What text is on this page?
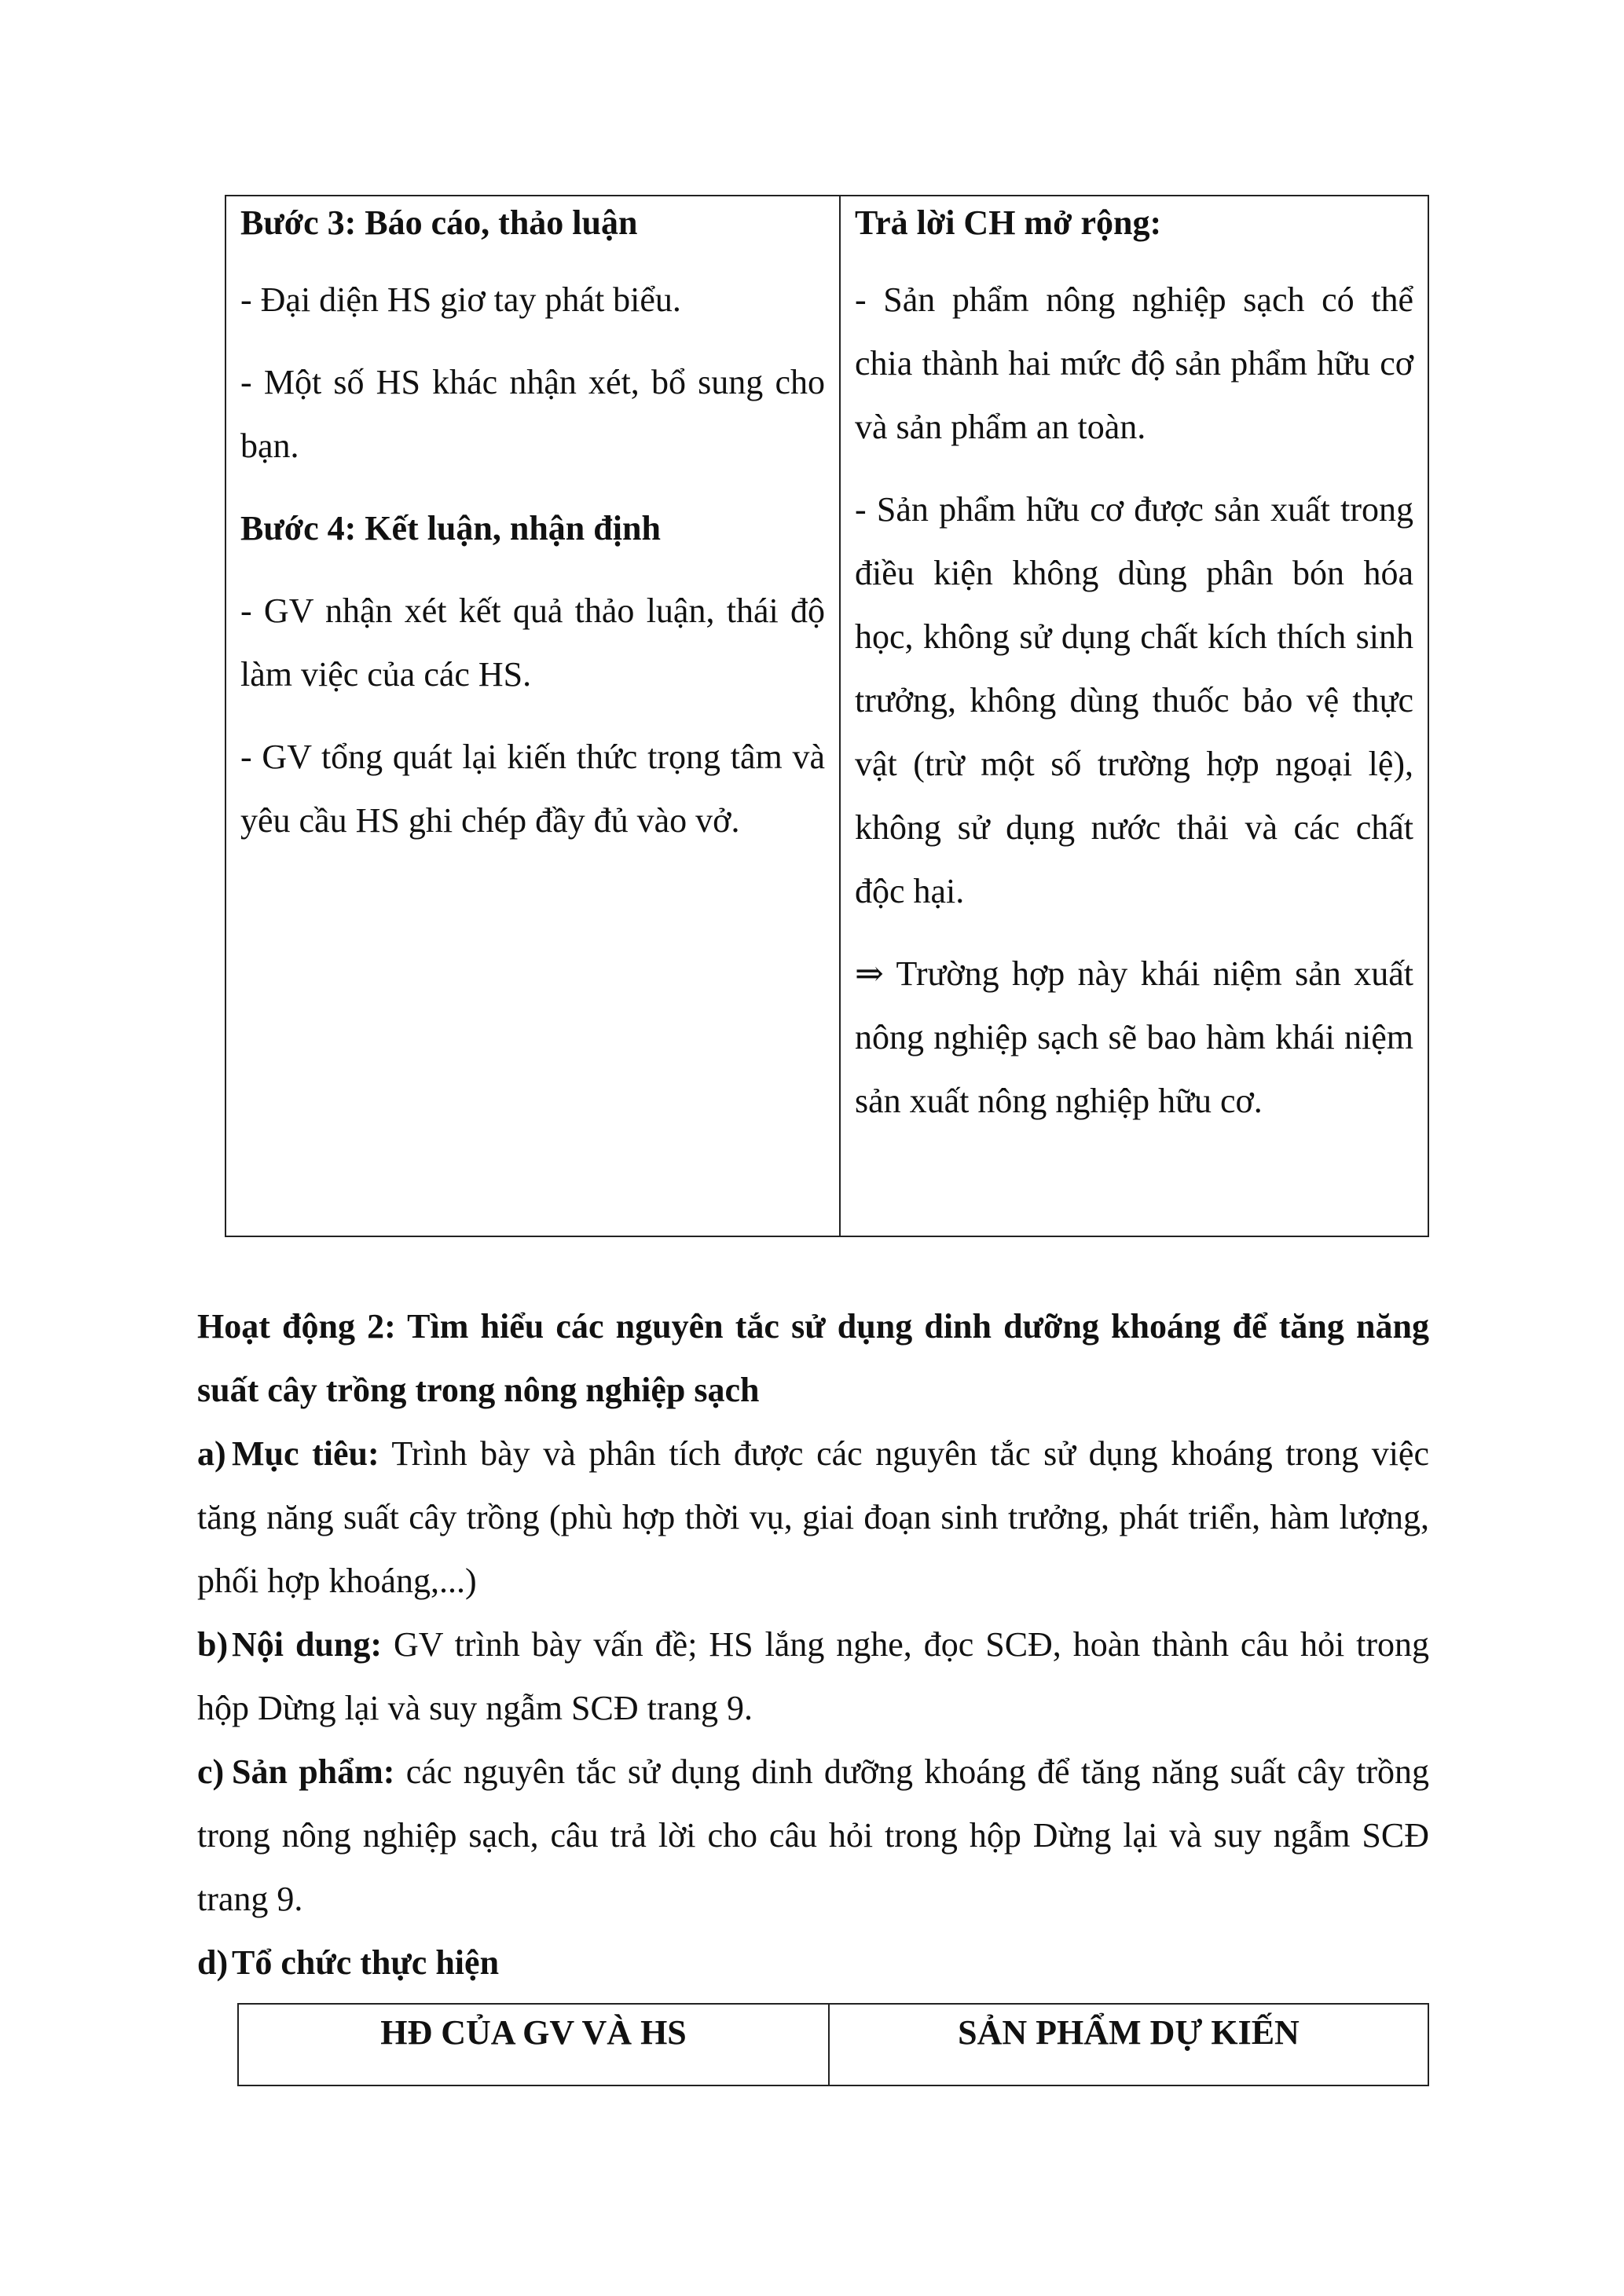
Bước 3: Báo cáo, thảo luận

- Đại diện HS giơ tay phát biểu.

- Một số HS khác nhận xét, bổ sung cho bạn.

Bước 4: Kết luận, nhận định

- GV nhận xét kết quả thảo luận, thái độ làm việc của các HS.

- GV tổng quát lại kiến thức trọng tâm và yêu cầu HS ghi chép đầy đủ vào vở.

Trả lời CH mở rộng:

- Sản phẩm nông nghiệp sạch có thể chia thành hai mức độ sản phẩm hữu cơ và sản phẩm an toàn.

- Sản phẩm hữu cơ được sản xuất trong điều kiện không dùng phân bón hóa học, không sử dụng chất kích thích sinh trưởng, không dùng thuốc bảo vệ thực vật (trừ một số trường hợp ngoại lệ), không sử dụng nước thải và các chất độc hại.

⇒ Trường hợp này khái niệm sản xuất nông nghiệp sạch sẽ bao hàm khái niệm sản xuất nông nghiệp hữu cơ.

Hoạt động 2: Tìm hiểu các nguyên tắc sử dụng dinh dưỡng khoáng để tăng năng suất cây trồng trong nông nghiệp sạch

a) Mục tiêu: Trình bày và phân tích được các nguyên tắc sử dụng khoáng trong việc tăng năng suất cây trồng (phù hợp thời vụ, giai đoạn sinh trưởng, phát triển, hàm lượng, phối hợp khoáng,...)

b) Nội dung: GV trình bày vấn đề; HS lắng nghe, đọc SCĐ, hoàn thành câu hỏi trong hộp Dừng lại và suy ngẫm SCĐ trang 9.

c) Sản phẩm: các nguyên tắc sử dụng dinh dưỡng khoáng để tăng năng suất cây trồng trong nông nghiệp sạch, câu trả lời cho câu hỏi trong hộp Dừng lại và suy ngẫm SCĐ trang 9.

d) Tổ chức thực hiện

HĐ CỦA GV VÀ HS	SẢN PHẨM DỰ KIẾN
